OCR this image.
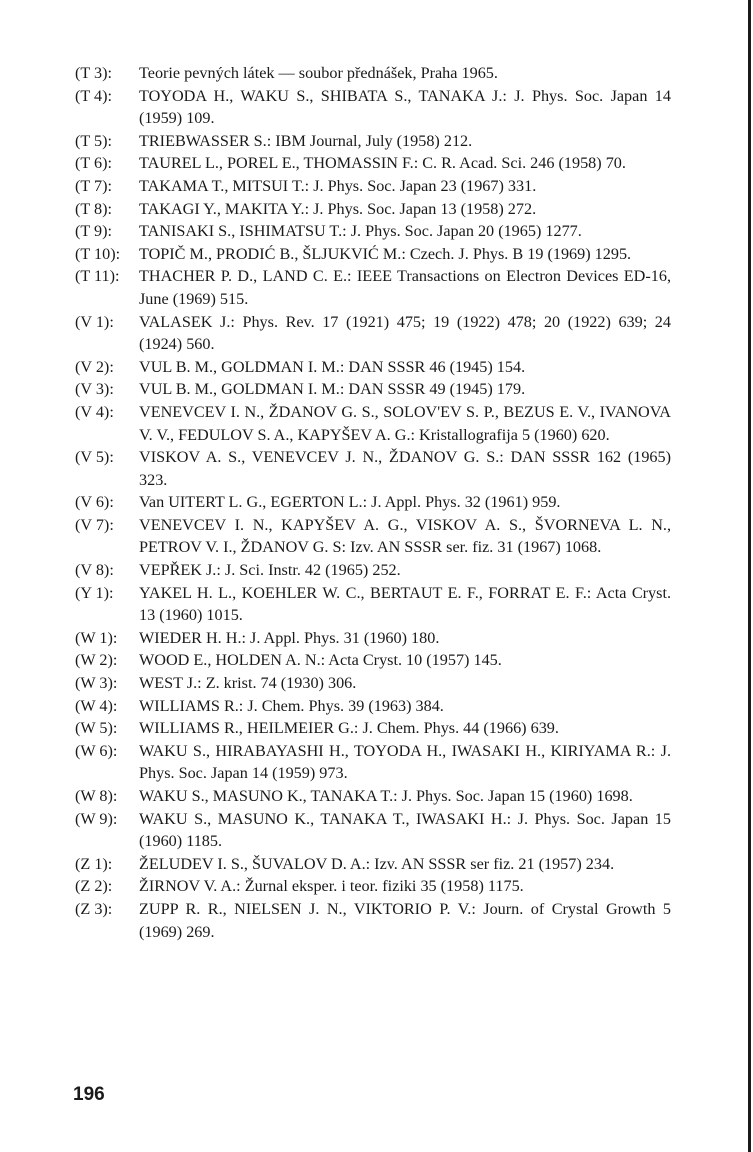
(T 3):	Teorie pevných látek — soubor přednášek, Praha 1965.
(T 4):	TOYODA H., WAKU S., SHIBATA S., TANAKA J.: J. Phys. Soc. Japan 14 (1959) 109.
(T 5):	TRIEBWASSER S.: IBM Journal, July (1958) 212.
(T 6):	TAUREL L., POREL E., THOMASSIN F.: C. R. Acad. Sci. 246 (1958) 70.
(T 7):	TAKAMA T., MITSUI T.: J. Phys. Soc. Japan 23 (1967) 331.
(T 8):	TAKAGI Y., MAKITA Y.: J. Phys. Soc. Japan 13 (1958) 272.
(T 9):	TANISAKI S., ISHIMATSU T.: J. Phys. Soc. Japan 20 (1965) 1277.
(T 10):	TOPIČ M., PRODIĆ B., ŠLJUKVIĆ M.: Czech. J. Phys. B 19 (1969) 1295.
(T 11):	THACHER P. D., LAND C. E.: IEEE Transactions on Electron Devices ED-16, June (1969) 515.
(V 1):	VALASEK J.: Phys. Rev. 17 (1921) 475; 19 (1922) 478; 20 (1922) 639; 24 (1924) 560.
(V 2):	VUL B. M., GOLDMAN I. M.: DAN SSSR 46 (1945) 154.
(V 3):	VUL B. M., GOLDMAN I. M.: DAN SSSR 49 (1945) 179.
(V 4):	VENEVCEV I. N., ŽDANOV G. S., SOLOV'EV S. P., BEZUS E. V., IVANOVA V. V., FEDULOV S. A., KAPYŠEV A. G.: Kristallografija 5 (1960) 620.
(V 5):	VISKOV A. S., VENEVCEV J. N., ŽDANOV G. S.: DAN SSSR 162 (1965) 323.
(V 6):	Van UITERT L. G., EGERTON L.: J. Appl. Phys. 32 (1961) 959.
(V 7):	VENEVCEV I. N., KAPYŠEV A. G., VISKOV A. S., ŠVORNEVA L. N., PETROV V. I., ŽDANOV G. S: Izv. AN SSSR ser. fiz. 31 (1967) 1068.
(V 8):	VEPŘEK J.: J. Sci. Instr. 42 (1965) 252.
(Y 1):	YAKEL H. L., KOEHLER W. C., BERTAUT E. F., FORRAT E. F.: Acta Cryst. 13 (1960) 1015.
(W 1):	WIEDER H. H.: J. Appl. Phys. 31 (1960) 180.
(W 2):	WOOD E., HOLDEN A. N.: Acta Cryst. 10 (1957) 145.
(W 3):	WEST J.: Z. krist. 74 (1930) 306.
(W 4):	WILLIAMS R.: J. Chem. Phys. 39 (1963) 384.
(W 5):	WILLIAMS R., HEILMEIER G.: J. Chem. Phys. 44 (1966) 639.
(W 6):	WAKU S., HIRABAYASHI H., TOYODA H., IWASAKI H., KIRIYAMA R.: J. Phys. Soc. Japan 14 (1959) 973.
(W 8):	WAKU S., MASUNO K., TANAKA T.: J. Phys. Soc. Japan 15 (1960) 1698.
(W 9):	WAKU S., MASUNO K., TANAKA T., IWASAKI H.: J. Phys. Soc. Japan 15 (1960) 1185.
(Z 1):	ŽELUDEV I. S., ŠUVALOV D. A.: Izv. AN SSSR ser fiz. 21 (1957) 234.
(Z 2):	ŽIRNOV V. A.: Žurnal eksper. i teor. fiziki 35 (1958) 1175.
(Z 3):	ZUPP R. R., NIELSEN J. N., VIKTORIO P. V.: Journ. of Crystal Growth 5 (1969) 269.
196
